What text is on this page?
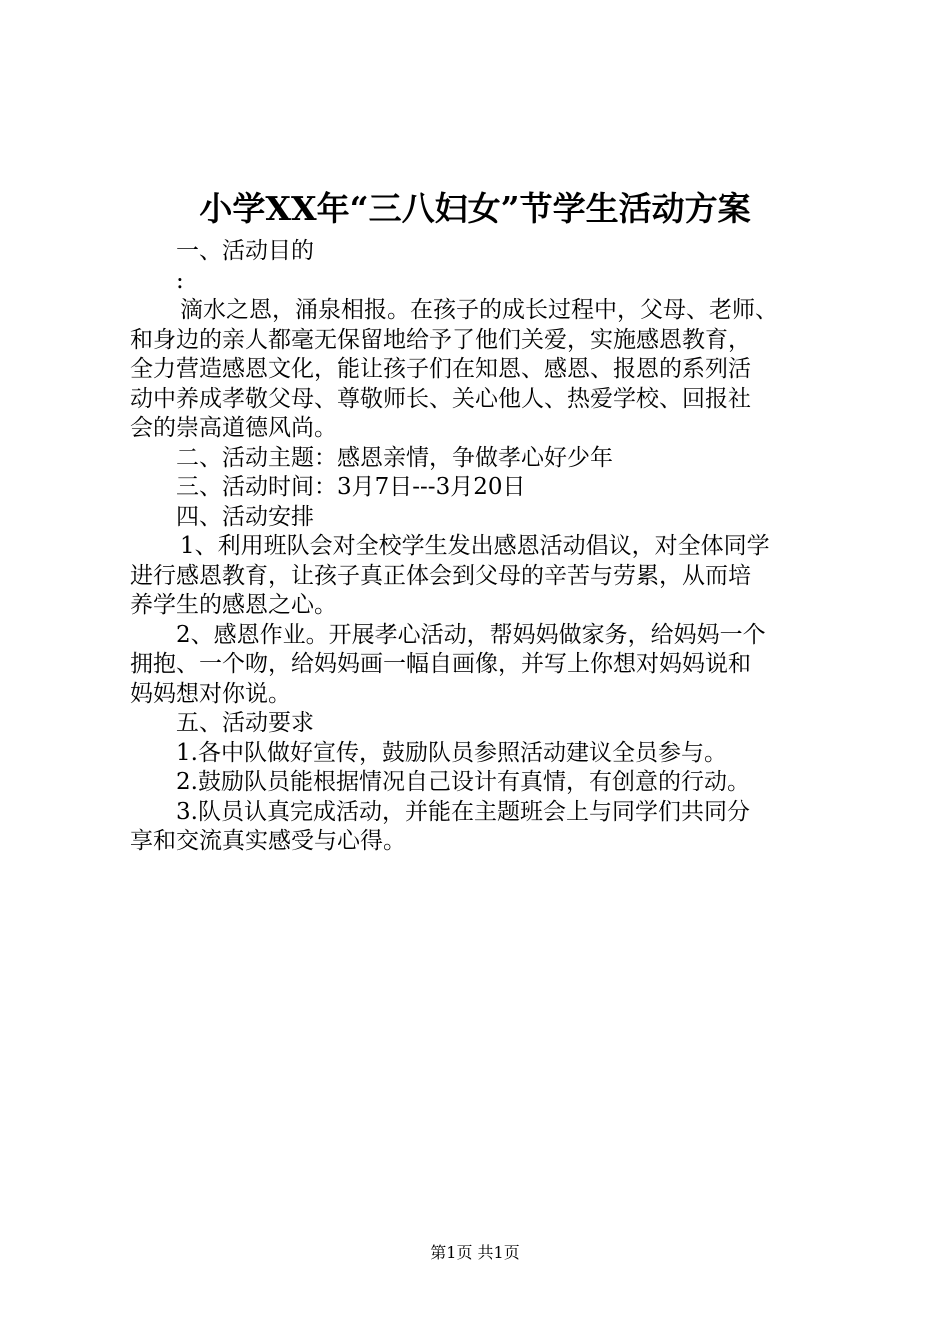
小学XX年“三八妇女”节学生活动方案

一、活动目的

:

滴水之恩，涌泉相报。在孩子的成长过程中，父母、老师、

和身边的亲人都毫无保留地给予了他们关爱，实施感恩教育，

全力营造感恩文化，能让孩子们在知恩、感恩、报恩的系列活

动中养成孝敬父母、尊敬师长、关心他人、热爱学校、回报社

会的崇高道德风尚。

二、活动主题：感恩亲情，争做孝心好少年

三、活动时间：3月7日---3月20日

四、活动安排

1、利用班队会对全校学生发出感恩活动倡议，对全体同学

进行感恩教育，让孩子真正体会到父母的辛苦与劳累，从而培

养学生的感恩之心。

2、感恩作业。开展孝心活动，帮妈妈做家务，给妈妈一个

拥抱、一个吻，给妈妈画一幅自画像，并写上你想对妈妈说和

妈妈想对你说。

五、活动要求

1.各中队做好宣传，鼓励队员参照活动建议全员参与。

2.鼓励队员能根据情况自己设计有真情，有创意的行动。

3.队员认真完成活动，并能在主题班会上与同学们共同分

享和交流真实感受与心得。

第1页 共1页
